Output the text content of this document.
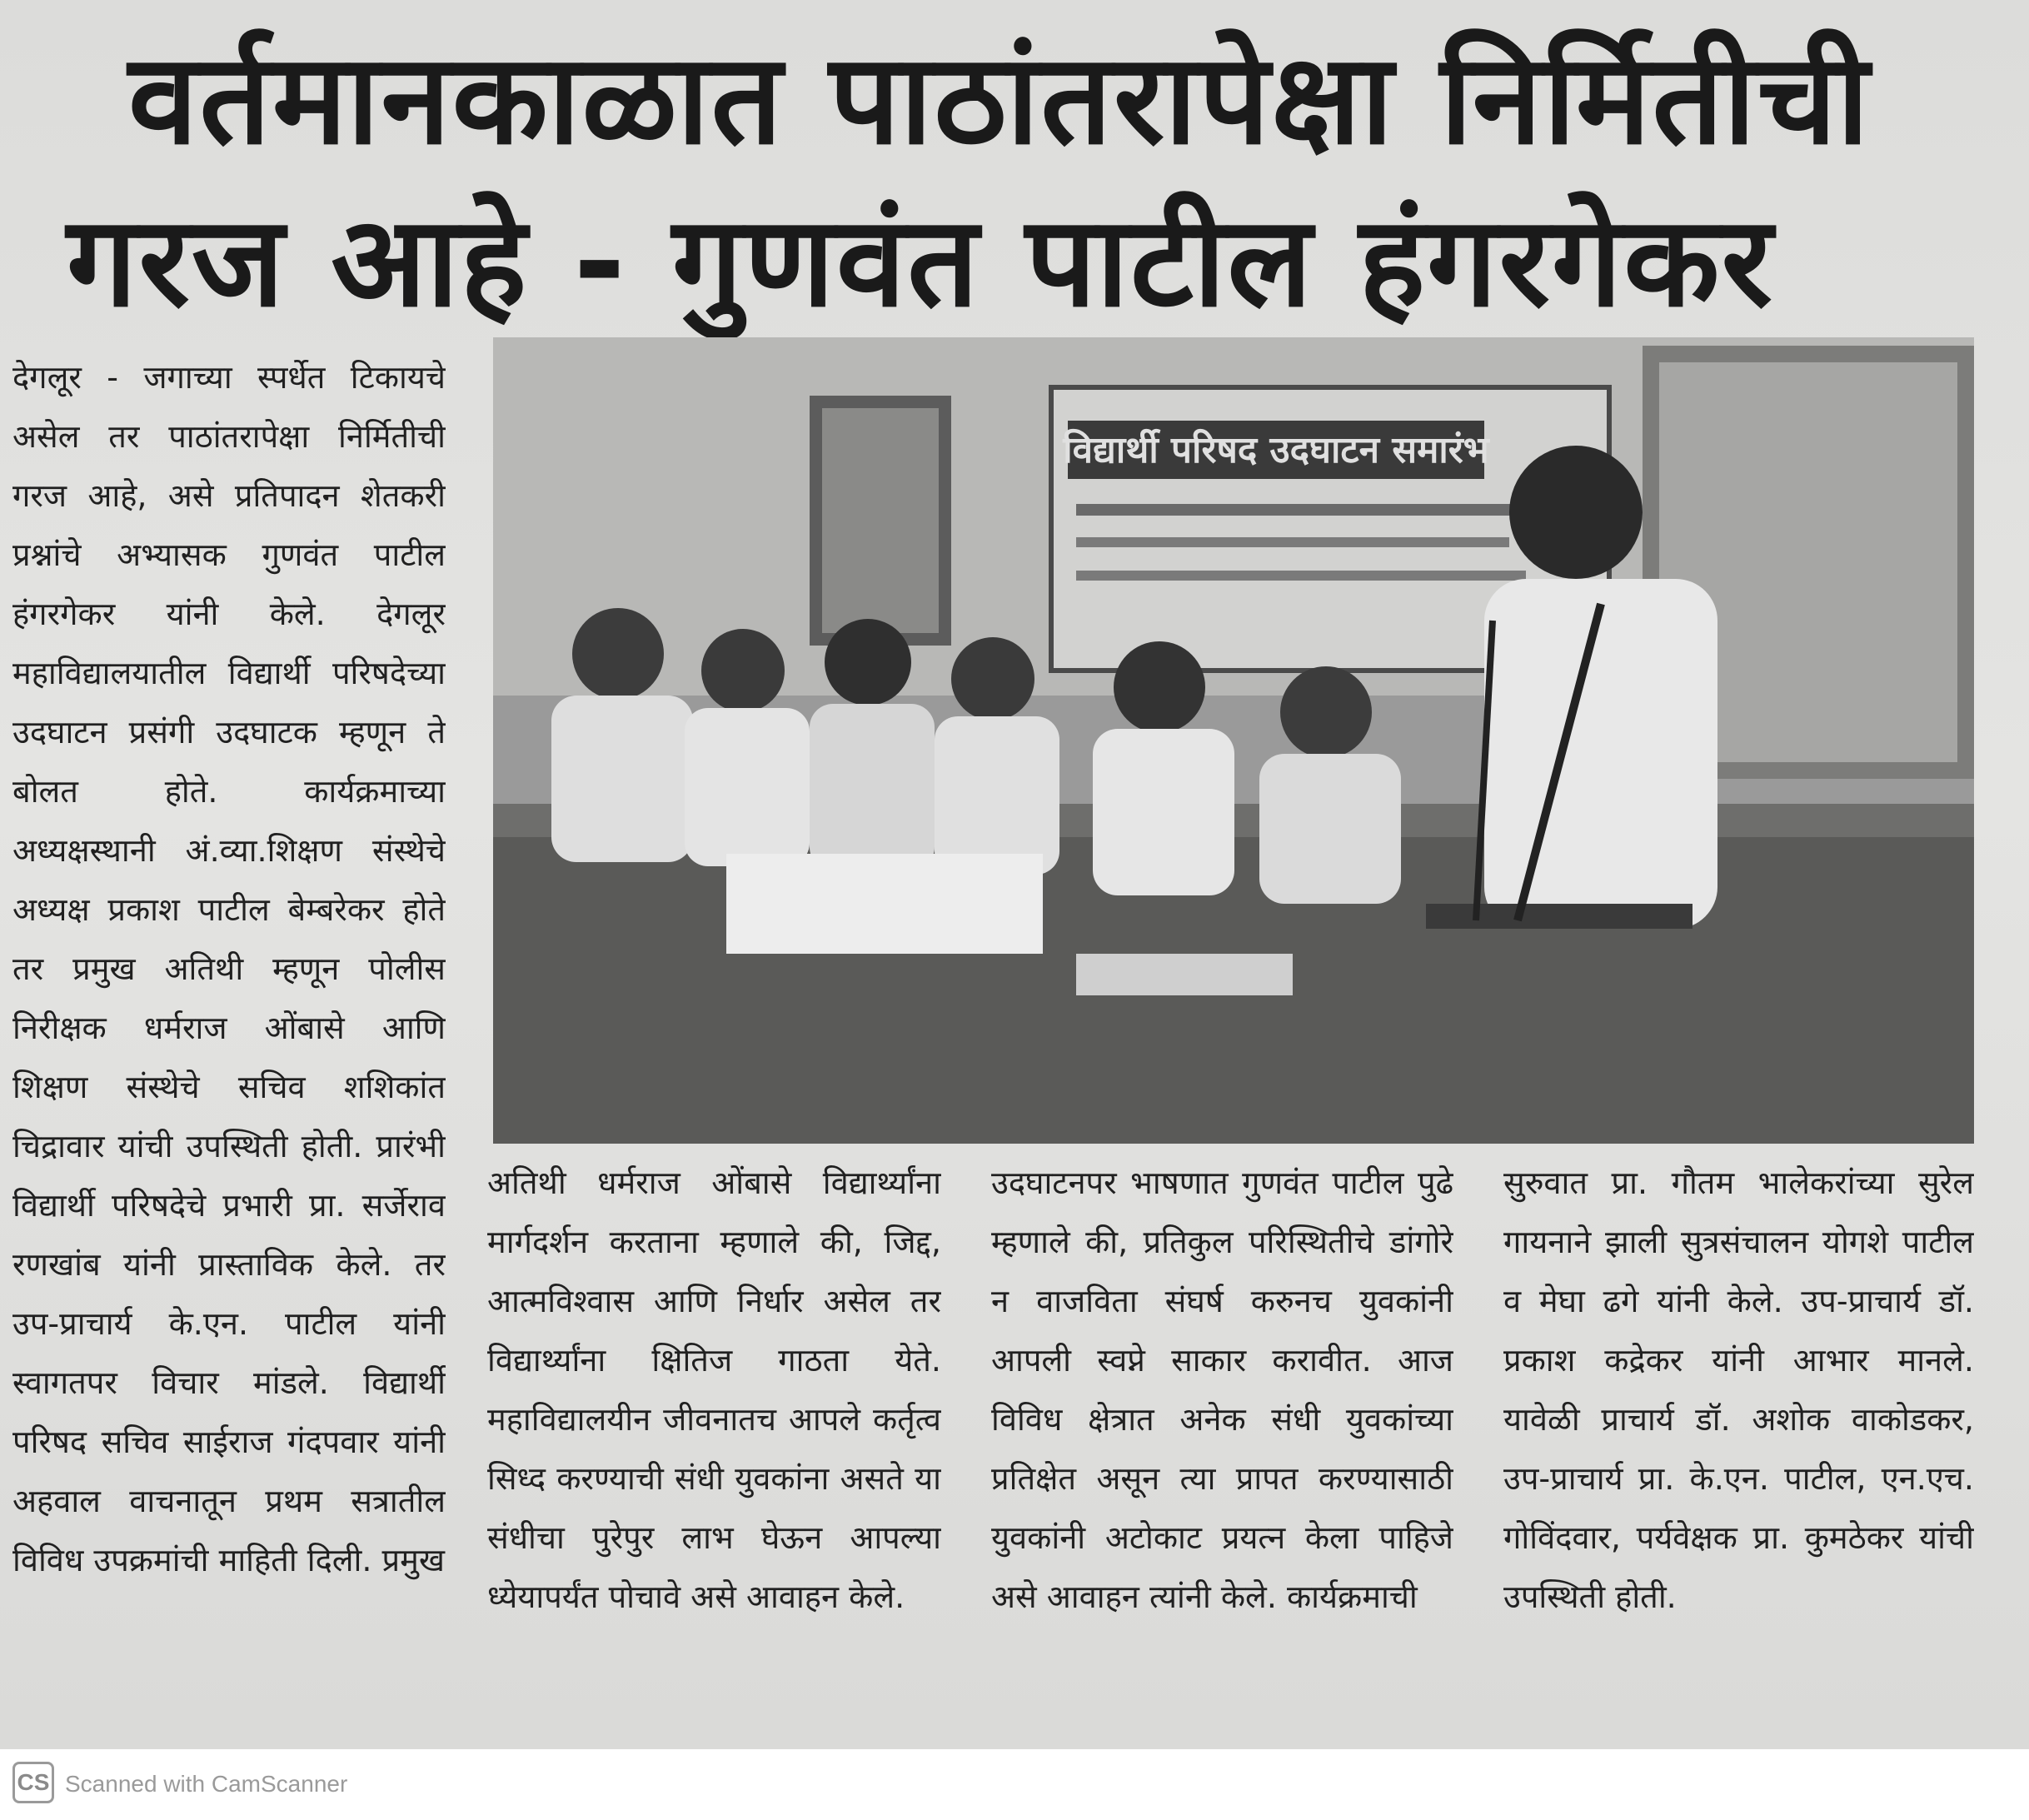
वर्तमानकाळात पाठांतरापेक्षा निर्मितीची
गरज आहे - गुणवंत पाटील हंगरगेकर

देगलूर - जगाच्या स्पर्धेत टिकायचे असेल तर पाठांतरापेक्षा निर्मितीची गरज आहे, असे प्रतिपादन शेतकरी प्रश्नांचे अभ्यासक गुणवंत पाटील हंगरगेकर यांनी केले. देगलूर महाविद्यालयातील विद्यार्थी परिषदेच्या उदघाटन प्रसंगी उदघाटक म्हणून ते बोलत होते. कार्यक्रमाच्या अध्यक्षस्थानी अं.व्या.शिक्षण संस्थेचे अध्यक्ष प्रकाश पाटील बेम्बरेकर होते तर प्रमुख अतिथी म्हणून पोलीस निरीक्षक धर्मराज ओंबासे आणि शिक्षण संस्थेचे सचिव शशिकांत चिद्रावार यांची उपस्थिती होती. प्रारंभी विद्यार्थी परिषदेचे प्रभारी प्रा. सर्जेराव रणखांब यांनी प्रास्ताविक केले. तर उप-प्राचार्य के.एन. पाटील यांनी स्वागतपर विचार मांडले. विद्यार्थी परिषद सचिव साईराज गंदपवार यांनी अहवाल वाचनातून प्रथम सत्रातील विविध उपक्रमांची माहिती दिली. प्रमुख

विद्यार्थी परिषद उदघाटन समारंभ

अतिथी धर्मराज ओंबासे विद्यार्थ्यांना मार्गदर्शन करताना म्हणाले की, जिद्द, आत्मविश्वास आणि निर्धार असेल तर विद्यार्थ्यांना क्षितिज गाठता येते. महाविद्यालयीन जीवनातच आपले कर्तृत्व सिध्द करण्याची संधी युवकांना असते या संधीचा पुरेपुर लाभ घेऊन आपल्या ध्येयापर्यंत पोचावे असे आवाहन केले.

उदघाटनपर भाषणात गुणवंत पाटील पुढे म्हणाले की, प्रतिकुल परिस्थितीचे डांगोरे न वाजविता संघर्ष करुनच युवकांनी आपली स्वप्ने साकार करावीत. आज विविध क्षेत्रात अनेक संधी युवकांच्या प्रतिक्षेत असून त्या प्रापत करण्यासाठी युवकांनी अटोकाट प्रयत्न केला पाहिजे असे आवाहन त्यांनी केले. कार्यक्रमाची

सुरुवात प्रा. गौतम भालेकरांच्या सुरेल गायनाने झाली सुत्रसंचालन योगशे पाटील व मेघा ढगे यांनी केले. उप-प्राचार्य डॉ. प्रकाश कद्रेकर यांनी आभार मानले. यावेळी प्राचार्य डॉ. अशोक वाकोडकर, उप-प्राचार्य प्रा. के.एन. पाटील, एन.एच. गोविंदवार, पर्यवेक्षक प्रा. कुमठेकर यांची उपस्थिती होती.

CS Scanned with CamScanner
